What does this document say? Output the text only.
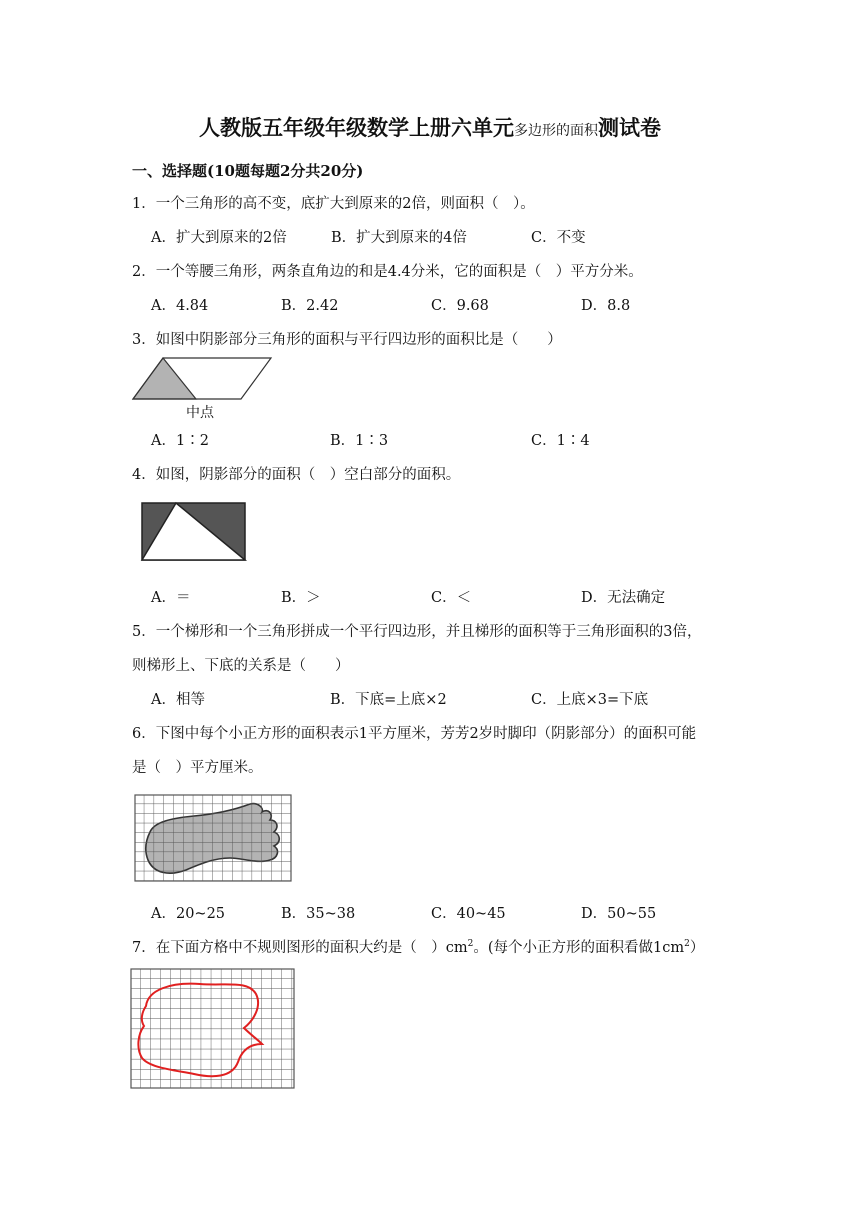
人教版五年级年级数学上册六单元多边形的面积测试卷
一、选择题(10题每题2分共20分)
1．一个三角形的高不变，底扩大到原来的2倍，则面积（　）。
A．扩大到原来的2倍	B．扩大到原来的4倍	C．不变
2．一个等腰三角形，两条直角边的和是4.4分米，它的面积是（　）平方分米。
A．4.84	B．2.42	C．9.68	D．8.8
3．如图中阴影部分三角形的面积与平行四边形的面积比是（　　）
中点
A．1∶2	B．1∶3	C．1∶4
4．如图，阴影部分的面积（　）空白部分的面积。
A．＝	B．＞	C．＜	D．无法确定
5．一个梯形和一个三角形拼成一个平行四边形，并且梯形的面积等于三角形面积的3倍，
则梯形上、下底的关系是（　　）
A．相等	B．下底=上底×2	C．上底×3=下底
6．下图中每个小正方形的面积表示1平方厘米，芳芳2岁时脚印（阴影部分）的面积可能
是（　）平方厘米。
A．20~25	B．35~38	C．40~45	D．50~55
7．在下面方格中不规则图形的面积大约是（　）$cm^2$。(每个小正方形的面积看做$1cm^2$）
